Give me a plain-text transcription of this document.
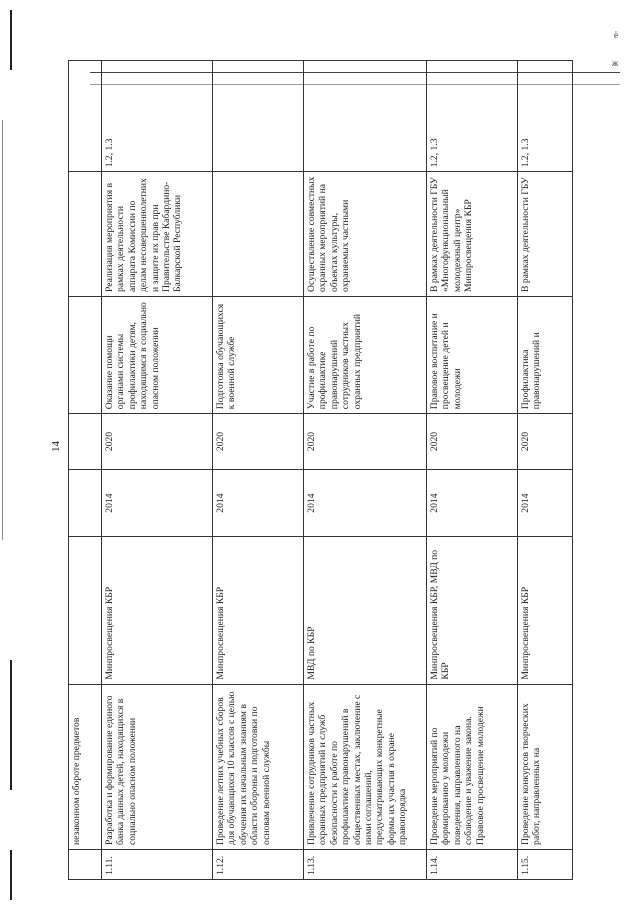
ё
ж
14
	незаконном обороте предметов						
1.11.	Разработка и формирование единого банка данных детей, находящихся в социально опасном положении	Минпросвещения КБР	2014	2020	Оказание помощи органами системы профилактики детям, находящимся в социально опасном положении	Реализация мероприятия в рамках деятельности аппарата Комиссии по делам несовершеннолетних и защите их прав при Правительстве Кабардино-Балкарской Республики	1.2, 1.3
1.12.	Проведение летних учебных сборов для обучающихся 10 классов с целью обучения их начальным знаниям в области обороны и подготовки по основам военной службы	Минпросвещения КБР	2014	2020	Подготовка обучающихся к военной службе		
1.13.	Привлечение сотрудников частных охранных предприятий и служб безопасности к работе по профилактике правонарушений в общественных местах, заключение с ними соглашений, предусматривающих конкретные формы их участия в охране правопорядка	МВД по КБР	2014	2020	Участие в работе по профилактике правонарушений сотрудников частных охранных предприятий	Осуществление совместных охранных мероприятий на объектах культуры, охраняемых частными	
1.14.	Проведение мероприятий по формированию у молодежи поведения, направленного на соблюдение и уважение закона. Правовое просвещение молодежи	Минпросвещения КБР, МВД по КБР	2014	2020	Правовое воспитание и просвещение детей и молодежи	В рамках деятельности ГБУ «Многофункциональный молодежный центр» Минпросвещения КБР	1.2, 1.3
1.15.	Проведение конкурсов творческих работ, направленных на	Минпросвещения КБР	2014	2020	Профилактика правонарушений и	В рамках деятельности ГБУ	1.2, 1.3
